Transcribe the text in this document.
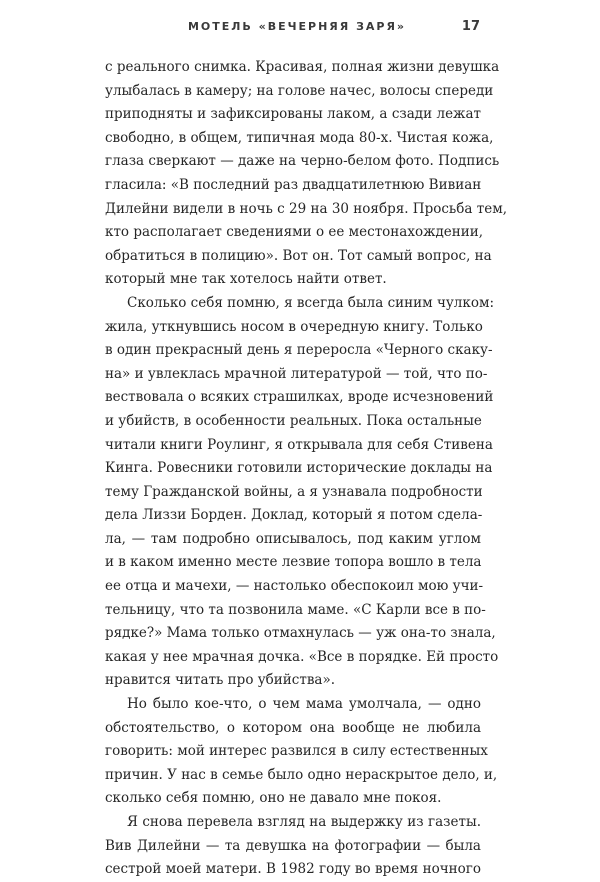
МОТЕЛЬ «ВЕЧЕРНЯЯ ЗАРЯ»	17
с реального снимка. Красивая, полная жизни девушка
улыбалась в камеру; на голове начес, волосы спереди
приподняты и зафиксированы лаком, а сзади лежат
свободно, в общем, типичная мода 80-х. Чистая кожа,
глаза сверкают — даже на черно-белом фото. Подпись
гласила: «В последний раз двадцатилетнюю Вивиан
Дилейни видели в ночь с 29 на 30 ноября. Просьба тем,
кто располагает сведениями о ее местонахождении,
обратиться в полицию». Вот он. Тот самый вопрос, на
который мне так хотелось найти ответ.
Сколько себя помню, я всегда была синим чулком:
жила, уткнувшись носом в очередную книгу. Только
в один прекрасный день я переросла «Черного скаку-
на» и увлеклась мрачной литературой — той, что по-
вествовала о всяких страшилках, вроде исчезновений
и убийств, в особенности реальных. Пока остальные
читали книги Роулинг, я открывала для себя Стивена
Кинга. Ровесники готовили исторические доклады на
тему Гражданской войны, а я узнавала подробности
дела Лиззи Борден. Доклад, который я потом сдела-
ла, — там подробно описывалось, под каким углом
и в каком именно месте лезвие топора вошло в тела
ее отца и мачехи, — настолько обеспокоил мою учи-
тельницу, что та позвонила маме. «С Карли все в по-
рядке?» Мама только отмахнулась — уж она-то знала,
какая у нее мрачная дочка. «Все в порядке. Ей просто
нравится читать про убийства».
Но было кое-что, о чем мама умолчала, — одно
обстоятельство, о котором она вообще не любила
говорить: мой интерес развился в силу естественных
причин. У нас в семье было одно нераскрытое дело, и,
сколько себя помню, оно не давало мне покоя.
Я снова перевела взгляд на выдержку из газеты.
Вив Дилейни — та девушка на фотографии — была
сестрой моей матери. В 1982 году во время ночного
